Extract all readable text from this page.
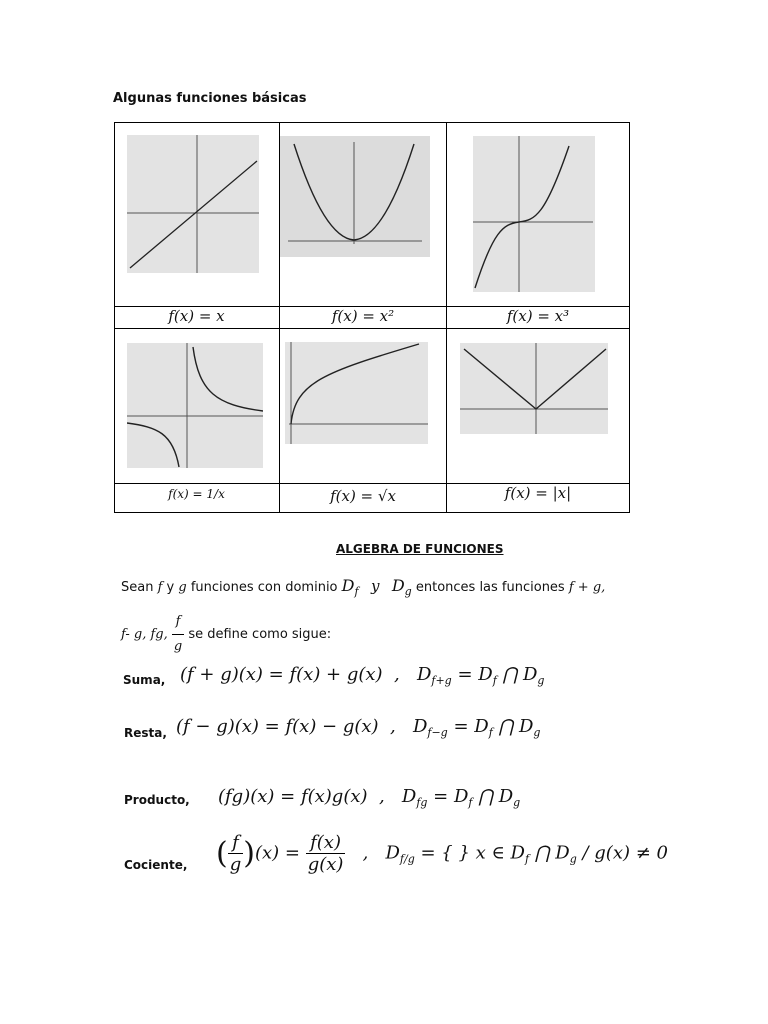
Algunas funciones básicas
f(x) = x	f(x) = x²	f(x) = x³
f(x) = 1/x	f(x) = √x	f(x) = |x|
ALGEBRA DE FUNCIONES
Sean f y g funciones con dominio $D_f$ y $D_g$ entonces las funciones f + g,
f- g, fg, $\frac{f}{g}$ se define como sigue:
Suma, (f + g)(x) = f(x) + g(x)  ,   $D_{f+g} = D_f$ ⋂ $D_g$
Resta, (f − g)(x) = f(x) − g(x)  ,   $D_{f-g} = D_f$ ⋂ $D_g$
Producto, (fg)(x) = f(x)g(x)  ,   $D_{fg} = D_f$ ⋂ $D_g$
Cociente, ( $\frac{f}{g} )(x) = \frac{f(x)}{g(x)}$ ,   $D_{f/g}$ = { } x ∈ $D_f$ ⋂ $D_g / g(x) \ne 0$
